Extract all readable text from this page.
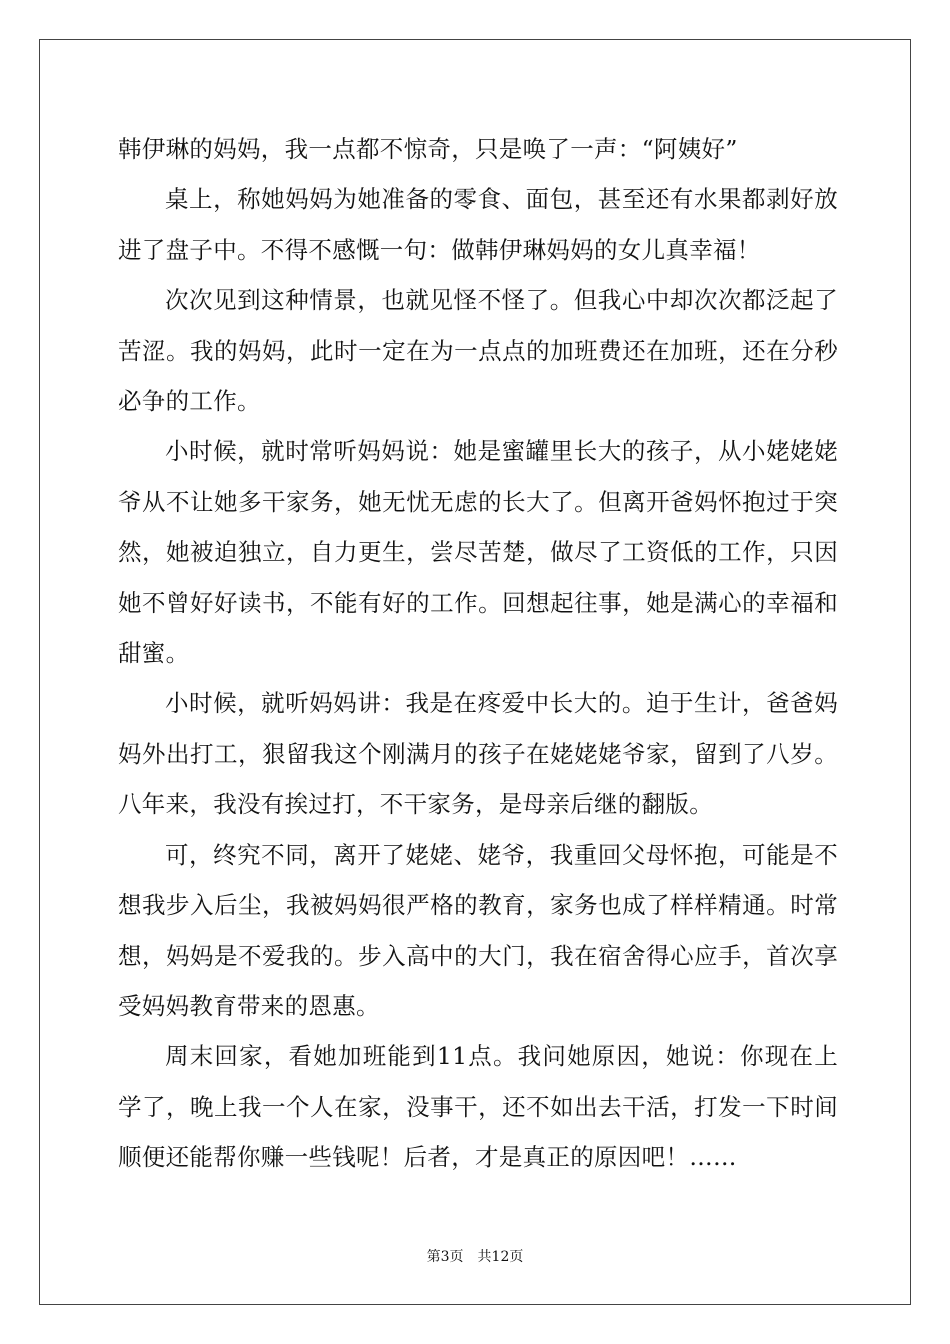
韩伊琳的妈妈，我一点都不惊奇，只是唤了一声：“阿姨好”

桌上，称她妈妈为她准备的零食、面包，甚至还有水果都剥好放进了盘子中。不得不感慨一句：做韩伊琳妈妈的女儿真幸福！

次次见到这种情景，也就见怪不怪了。但我心中却次次都泛起了苦涩。我的妈妈，此时一定在为一点点的加班费还在加班，还在分秒必争的工作。

小时候，就时常听妈妈说：她是蜜罐里长大的孩子，从小姥姥姥爷从不让她多干家务，她无忧无虑的长大了。但离开爸妈怀抱过于突然，她被迫独立，自力更生，尝尽苦楚，做尽了工资低的工作，只因她不曾好好读书，不能有好的工作。回想起往事，她是满心的幸福和甜蜜。

小时候，就听妈妈讲：我是在疼爱中长大的。迫于生计，爸爸妈妈外出打工，狠留我这个刚满月的孩子在姥姥姥爷家，留到了八岁。八年来，我没有挨过打，不干家务，是母亲后继的翻版。

可，终究不同，离开了姥姥、姥爷，我重回父母怀抱，可能是不想我步入后尘，我被妈妈很严格的教育，家务也成了样样精通。时常想，妈妈是不爱我的。步入高中的大门，我在宿舍得心应手，首次享受妈妈教育带来的恩惠。

周末回家，看她加班能到11点。我问她原因，她说：你现在上学了，晚上我一个人在家，没事干，还不如出去干活，打发一下时间顺便还能帮你赚一些钱呢！后者，才是真正的原因吧！……

第3页 共12页
